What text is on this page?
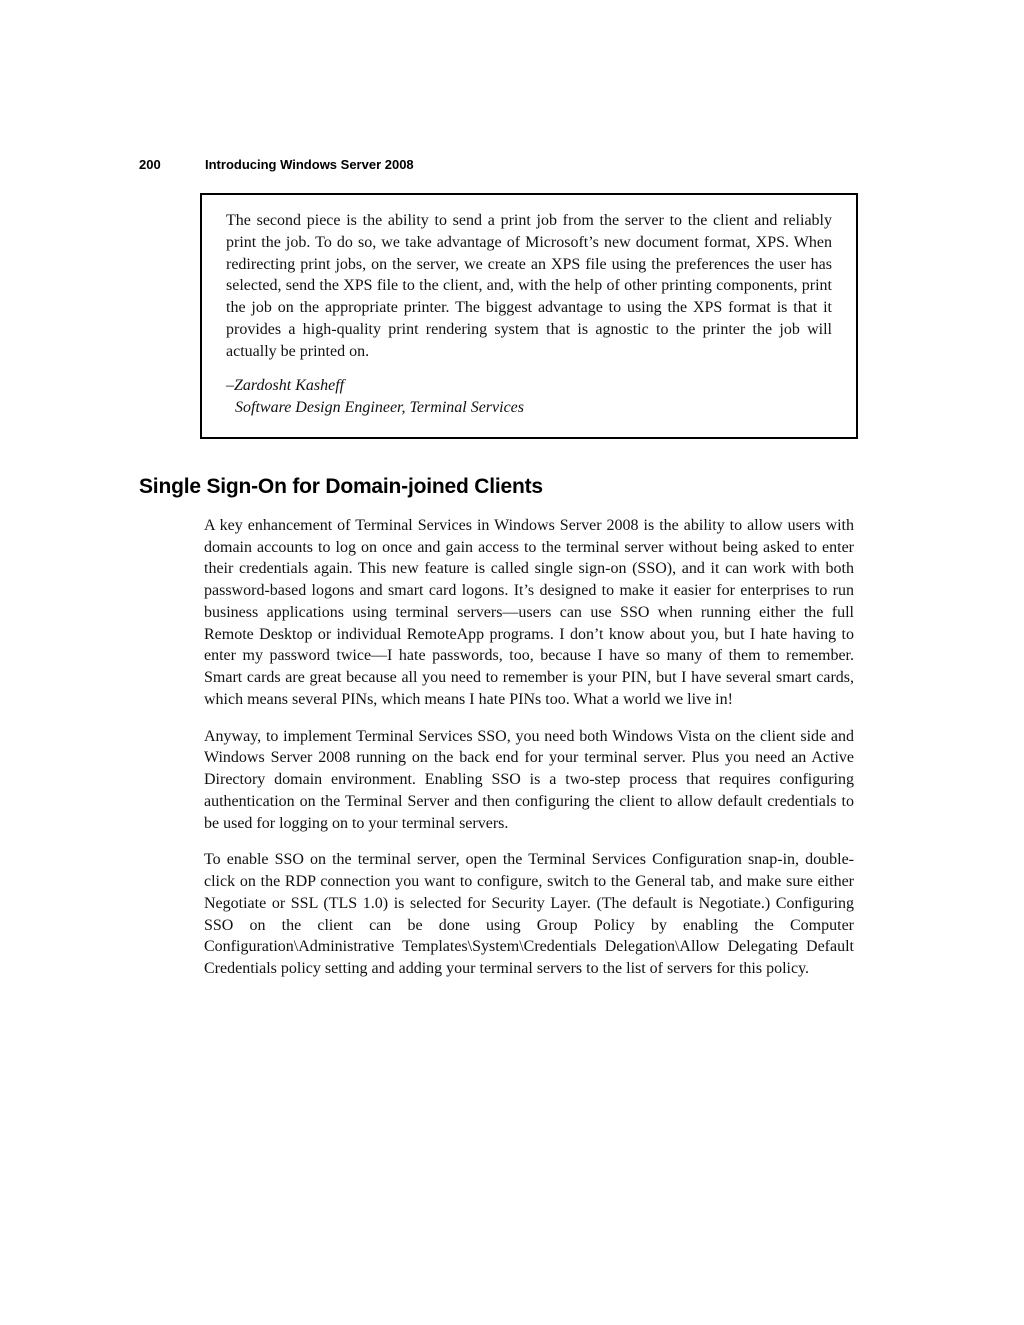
200	Introducing Windows Server 2008

The second piece is the ability to send a print job from the server to the client and reliably print the job. To do so, we take advantage of Microsoft’s new document format, XPS. When redirecting print jobs, on the server, we create an XPS file using the preferences the user has selected, send the XPS file to the client, and, with the help of other printing components, print the job on the appropriate printer. The biggest advantage to using the XPS format is that it provides a high-quality print rendering system that is agnostic to the printer the job will actually be printed on.

–Zardosht Kasheff

Software Design Engineer, Terminal Services

Single Sign-On for Domain-joined Clients

A key enhancement of Terminal Services in Windows Server 2008 is the ability to allow users with domain accounts to log on once and gain access to the terminal server without being asked to enter their credentials again. This new feature is called single sign-on (SSO), and it can work with both password-based logons and smart card logons. It’s designed to make it easier for enterprises to run business applications using terminal servers—users can use SSO when running either the full Remote Desktop or individual RemoteApp programs. I don’t know about you, but I hate having to enter my password twice—I hate passwords, too, because I have so many of them to remember. Smart cards are great because all you need to remember is your PIN, but I have several smart cards, which means several PINs, which means I hate PINs too. What a world we live in!

Anyway, to implement Terminal Services SSO, you need both Windows Vista on the client side and Windows Server 2008 running on the back end for your terminal server. Plus you need an Active Directory domain environment. Enabling SSO is a two-step process that requires configuring authentication on the Terminal Server and then configuring the client to allow default credentials to be used for logging on to your terminal servers.

To enable SSO on the terminal server, open the Terminal Services Configuration snap-in, double-click on the RDP connection you want to configure, switch to the General tab, and make sure either Negotiate or SSL (TLS 1.0) is selected for Security Layer. (The default is Negotiate.) Configuring SSO on the client can be done using Group Policy by enabling the Computer Configuration\Administrative Templates\System\Credentials Delegation\Allow Delegating Default Credentials policy setting and adding your terminal servers to the list of servers for this policy.
